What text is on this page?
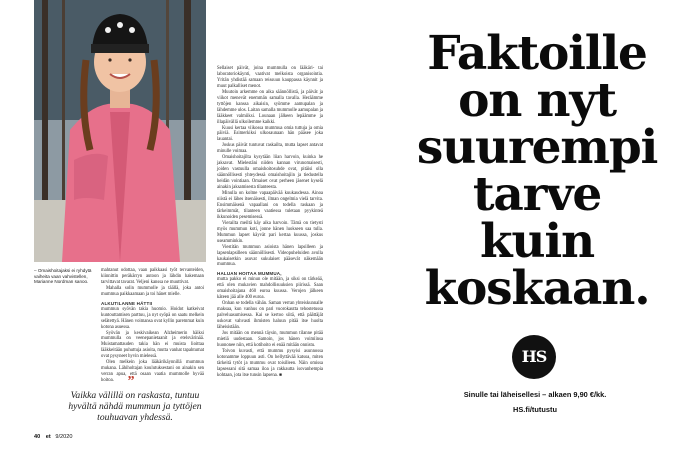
– Omaishoitajaksi ei ryhdytä vaiheita vaan vahvistellen, Marianne Nordman sanoo.

mahtanut odottaa, vaan paikkaasi työt tervanteiden, kiinnittin peräkärryn autoon ja lähdin hakemaan tarvittavat tavarat. Veljeni kanssa ne muuttivat.

Mahalla solin mummolle ja täällä, joka antoi mummua paikkaamaan ja toi hänet mielle.

ALKUTILANNE HÄTTII

mummun syövän takia huomio. Hoidot katkeivat kuntouttamisen parttuu, ja nyt syöpä on saatu melkein selätettyä. Hänen voimansa ovat kyllin paremmat kuin kotona asuessa.

Syövän ja keskivaikean Alzheimerin häiksi mummulla on veenepanietaanit ja etelsvärinää. Muistamattauden takia hän ei muista lioittaa lääkkeitään puhuttuja asioita, mutta vanhat tapahtumat ovat pysyneet hyvin mielessä.

Olen melkein joka lääkärikäynnillä mummun mukana. Lähiholtajan koulutuksestani on ainakin sen verran apua, että osaan vaatia mummolle hyvää hoitoa.

Sellaiset päivät, joina mummulla on lääkäri- tai laboratoriokäynti, vaativat melkoista organisointia. Yritän yhdistää samaan reissuun kauppassa käynnit ja muut palkalliset menot.

Muutoin arkemme on aika säännöllistä, ja päivät ja viikot menevät enemmän samalla tavalla. Heräämme tyttöjen kanssa aikaisin, syömme aamupalan ja lähdemme ulos. Laitan samalla mummolle aamupalan ja lääkkeet valmiiksi. Lounaan jälkeen lepäämme ja illapäivällä ulkoilemme kaikki.

Kuusi kertaa viikossa mummua omia tuttuja ja omia päiviä. Esimerkiksi ulkosaunaan hän pääsee joka lauantai.

Joskus päivät tuntuvat raskailta, mutta lapset antavat minulle voimaa.

Omaishoitajilta kysytään liian harvoin, kuinka he jaksavat. Mielestäni niiden kannan virunomaisesti, joiden vastuulla omaishoitosuhde ovat, pitäisi olla säännöllisesti yhteydessä omaishoitajiin ja tiedustella heidän vointiaan. Omaiset ovat perheen jäsenet kyselä ainakin jaksamisesta tilanteesta.

Minulla on kolme vapaapäivää kuukaudessa. Ainoa niistä ei lähes itsenäisesti, ilman ongelmia vielä tarvita. Ensimmäisenä vapaallani on todella raskaan ja tärkeimmät, tilanteen vaatiessa tuletaan pyykinteä ikkunoiden pesemisessä.

Vierailta meiltä käy aika harvoin. Tämä on tietysti myös mummun koti, jonne hänen luokseen saa tulla. Mummun lapset käyvät pari kertaa kuussa, joskus useamminkin.

Viestitän mummun asioista hänen lapsilleen ja lapsenlapsilleen säännöllisesti. Videopuheluiden avulla kaukaisetkin asuvat sukulaiset pääsevät näkemään mummua.

HALUAN HOITAA MUMMUA,

mutta pakko ei minun ole mitään, ja siksi on tärkeää, että olen mukavien mahdollisuuksien piirissä. Saan omaishoitajana 460 euroa kuussa. Verojen jälkeen käteen jää alle 400 euroa.

Onhan se todella vähän. Saman verran yhteiskunnalle maksaa, kun vanhus on pari vuorokautta tehostetussa palveluasumisessa. Kai se kertoo siitä, että päättäjät uskovat vahvasti ihmisten haluun pitää itse huolta läheisistään.

Jos mitään on mennä täysin, mummun tilanne pitää mietiä uudestaan. Samoin, jos hänen voimiinsa huononee niin, että kotihoito ei enää mitään onnistu.

Toivon kuvasti, että mummu pysyisi asunnossa kotonamme loppuun asti. On hellyttävää katsoa, miten tärkeitä tytöt ja mummu ovat toisilleen. Näin omissa lapsessani sitä samaa iloa ja rakkautta isovanhempia kohtaan, jota itse tunsin lapsena. ■

”
Vaikka välillä on raskasta, tuntuu hyvältä nähdä mummun ja tyttöjen touhuavan yhdessä.
40 et 9/2020
Faktoille
on nyt
suurempi
tarve
kuin
koskaan.
HS
Sinulle tai läheisellesi – alkaen 9,90 €/kk.
HS.fi/tutustu
